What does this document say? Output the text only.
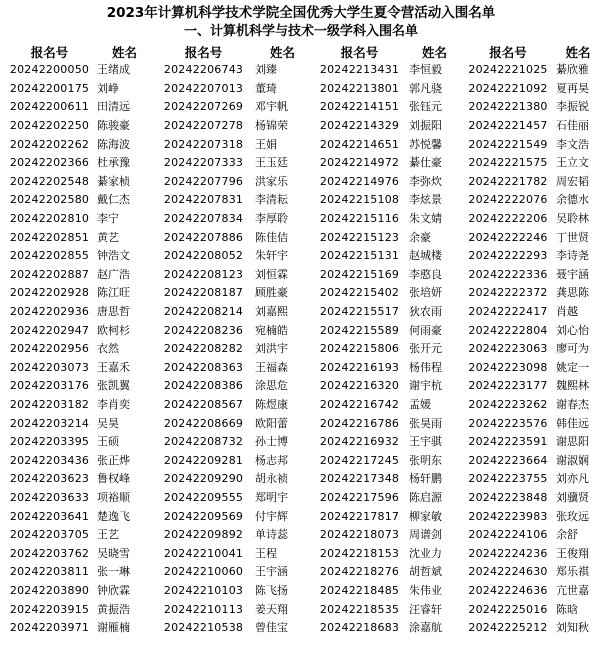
2023年计算机科学技术学院全国优秀大学生夏令营活动入围名单
一、计算机科学与技术一级学科入围名单
报名号	姓名	报名号	姓名	报名号	姓名	报名号	姓名
20242200050	王绪成	20242206743	刘臻	20242213431	李恒毅	20242221025	綦欣雅
20242200175	刘峥	20242207013	董琦	20242213801	郭凡骁	20242221092	夏再昊
20242200611	田清远	20242207269	邓宇帆	20242214151	张钰元	20242221380	李振锐
20242202250	陈骏豪	20242207278	杨锦荣	20242214329	刘振阳	20242221457	石佳丽
20242202262	陈海波	20242207318	王娟	20242214651	苏悦馨	20242221549	李文浩
20242202366	杜承豫	20242207333	王玉廷	20242214972	綦仕豪	20242221575	王立文
20242202548	綦家桢	20242207796	洪家乐	20242214976	李弥炊	20242221782	周宏韬
20242202580	戴仁杰	20242207831	李清耘	20242215108	李炫景	20242222076	余德水
20242202810	李宁	20242207834	李厚聆	20242215116	朱文婧	20242222206	吴聆林
20242202851	黄艺	20242207886	陈佳佶	20242215123	余豪	20242222246	丁世贤
20242202855	钟浩文	20242208052	朱轩宇	20242215131	赵城楼	20242222293	李诗尧
20242202887	赵广浩	20242208123	刘恒霖	20242215169	李憨良	20242222336	聂宇涵
20242202928	陈江旺	20242208187	顾胜豪	20242215402	张培妍	20242222372	龚思陈
20242202936	唐思哲	20242208214	刘嘉熙	20242215517	狄农雨	20242222417	肖越
20242202947	欧柯杉	20242208236	宛楠皓	20242215589	何雨豪	20242222804	刘心怡
20242202956	衣然	20242208282	刘洪宇	20242215806	张开元	20242223063	廖可为
20242203073	王嘉禾	20242208363	王福森	20242216193	杨伟程	20242223098	姚定一
20242203176	张凯翼	20242208386	涂思危	20242216320	谢宇杭	20242223177	魏熙林
20242203182	李肖奕	20242208567	陈煜康	20242216742	孟媛	20242223262	谢春杰
20242203214	吴昊	20242208669	欧阳蕾	20242216786	张昊雨	20242223576	韩佳远
20242203395	王硕	20242208732	孙士博	20242216932	王宇骐	20242223591	谢思阳
20242203436	张正烨	20242209281	杨志邦	20242217245	张明东	20242223664	谢淑娴
20242203623	鲁权峰	20242209290	胡永祯	20242217348	杨轩鹏	20242223755	刘亦凡
20242203633	项裕顺	20242209555	郑明宇	20242217596	陈启源	20242223848	刘骥贤
20242203641	楚逸飞	20242209569	付宇辉	20242217817	柳家敏	20242223983	张玫远
20242203705	王艺	20242209892	单诗蕊	20242218073	周谱剑	20242224106	余舒
20242203762	吴晓雪	20242210041	王程	20242218153	沈业力	20242224236	王俊翔
20242203811	张一琳	20242210060	王宇涵	20242218276	胡哲斌	20242224630	郑乐祺
20242203890	钟欣霖	20242210103	陈飞扬	20242218485	朱伟业	20242224636	亢世嘉
20242203915	黄振浩	20242210113	姜天翔	20242218535	汪睿轩	20242225016	陈晗
20242203971	谢雁楠	20242210538	曾佳宝	20242218683	涂嘉航	20242225212	刘知秋
